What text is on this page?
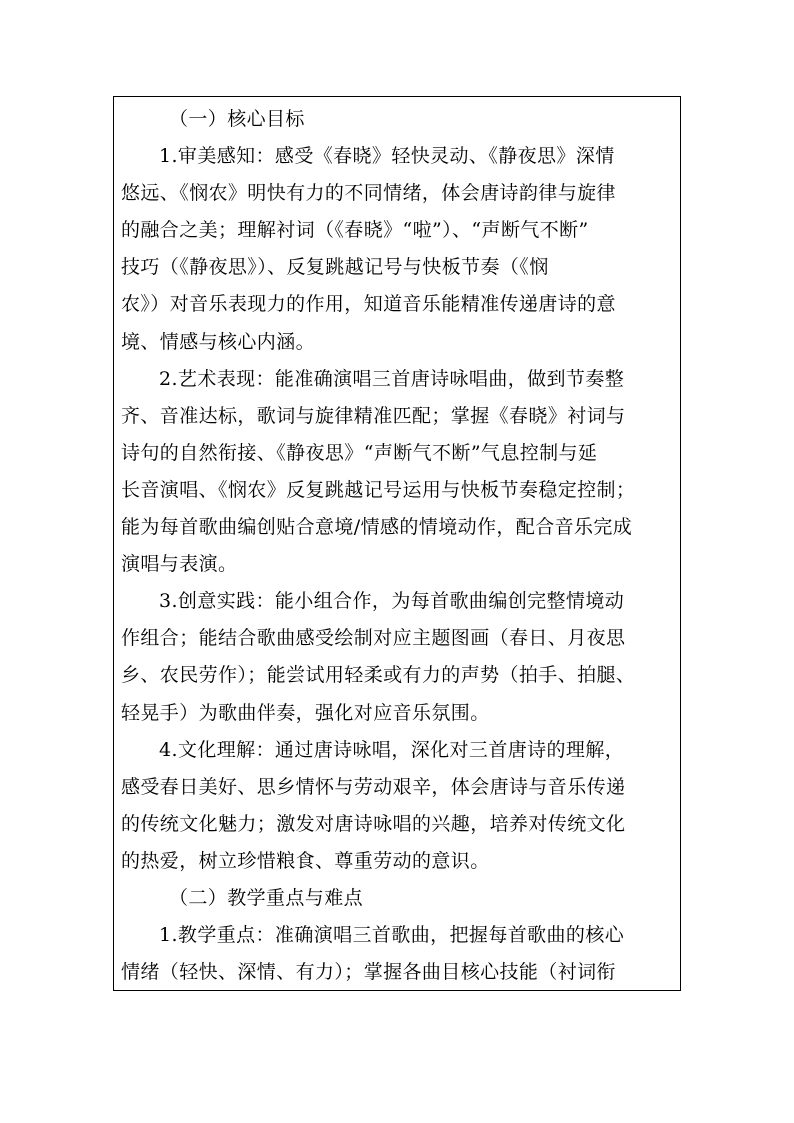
（一）核心目标
1.审美感知：感受《春晓》轻快灵动、《静夜思》深情
悠远、《悯农》明快有力的不同情绪，体会唐诗韵律与旋律
的融合之美；理解衬词（《春晓》“啦”）、“声断气不断”
技巧（《静夜思》）、反复跳越记号与快板节奏（《悯
农》）对音乐表现力的作用，知道音乐能精准传递唐诗的意
境、情感与核心内涵。
2.艺术表现：能准确演唱三首唐诗咏唱曲，做到节奏整
齐、音准达标，歌词与旋律精准匹配；掌握《春晓》衬词与
诗句的自然衔接、《静夜思》“声断气不断”气息控制与延
长音演唱、《悯农》反复跳越记号运用与快板节奏稳定控制；
能为每首歌曲编创贴合意境/情感的情境动作，配合音乐完成
演唱与表演。
3.创意实践：能小组合作，为每首歌曲编创完整情境动
作组合；能结合歌曲感受绘制对应主题图画（春日、月夜思
乡、农民劳作）；能尝试用轻柔或有力的声势（拍手、拍腿、
轻晃手）为歌曲伴奏，强化对应音乐氛围。
4.文化理解：通过唐诗咏唱，深化对三首唐诗的理解，
感受春日美好、思乡情怀与劳动艰辛，体会唐诗与音乐传递
的传统文化魅力；激发对唐诗咏唱的兴趣，培养对传统文化
的热爱，树立珍惜粮食、尊重劳动的意识。
（二）教学重点与难点
1.教学重点：准确演唱三首歌曲，把握每首歌曲的核心
情绪（轻快、深情、有力）；掌握各曲目核心技能（衬词衔
